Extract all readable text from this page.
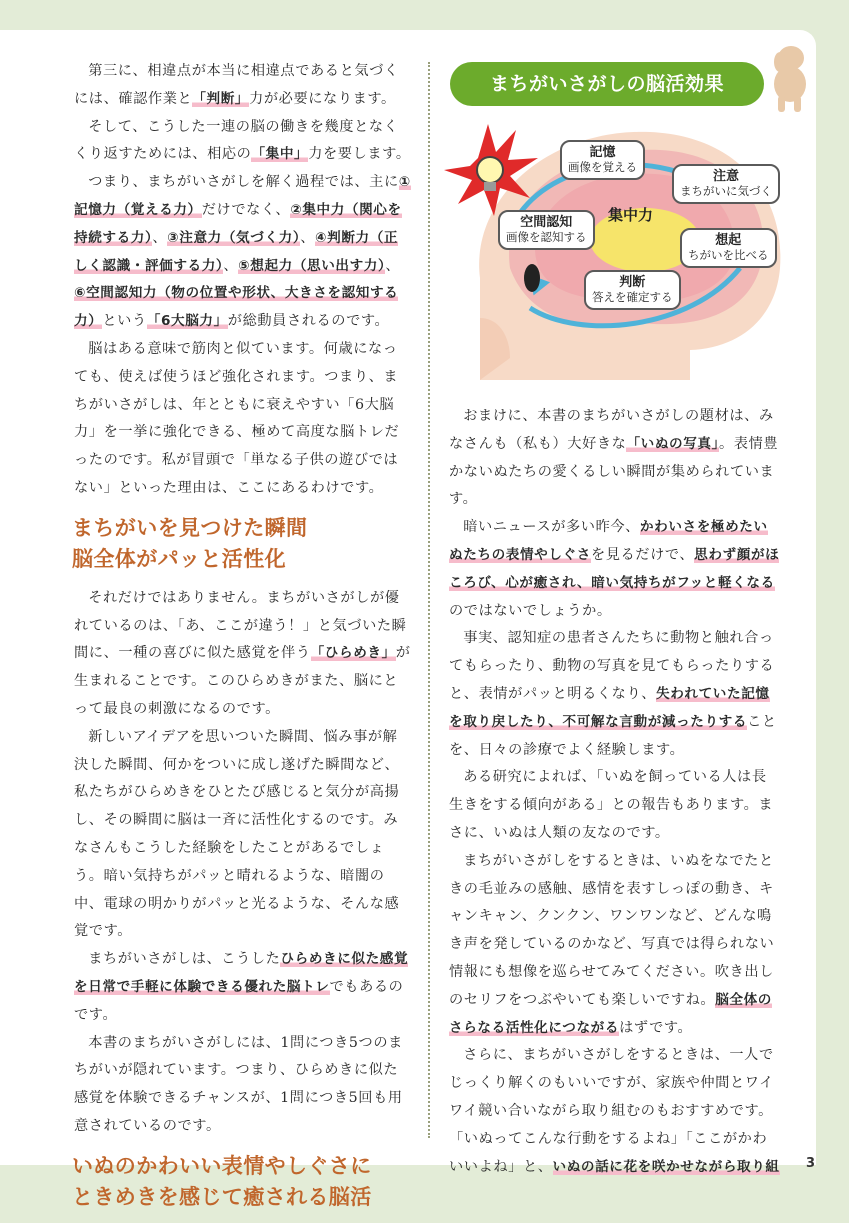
第三に、相違点が本当に相違点であると気づくには、確認作業と「判断」力が必要になります。

そして、こうした一連の脳の働きを幾度となくくり返すためには、相応の「集中」力を要します。

つまり、まちがいさがしを解く過程では、主に①記憶力（覚える力）だけでなく、②集中力（関心を持続する力）、③注意力（気づく力）、④判断力（正しく認識・評価する力）、⑤想起力（思い出す力）、⑥空間認知力（物の位置や形状、大きさを認知する力）という「6大脳力」が総動員されるのです。

脳はある意味で筋肉と似ています。何歳になっても、使えば使うほど強化されます。つまり、まちがいさがしは、年とともに衰えやすい「6大脳力」を一挙に強化できる、極めて高度な脳トレだったのです。私が冒頭で「単なる子供の遊びではない」といった理由は、ここにあるわけです。

まちがいを見つけた瞬間
脳全体がパッと活性化

それだけではありません。まちがいさがしが優れているのは、「あ、ここが違う！」と気づいた瞬間に、一種の喜びに似た感覚を伴う「ひらめき」が生まれることです。このひらめきがまた、脳にとって最良の刺激になるのです。

新しいアイデアを思いついた瞬間、悩み事が解決した瞬間、何かをついに成し遂げた瞬間など、私たちがひらめきをひとたび感じると気分が高揚し、その瞬間に脳は一斉に活性化するのです。みなさんもこうした経験をしたことがあるでしょう。暗い気持ちがパッと晴れるような、暗闇の中、電球の明かりがパッと光るような、そんな感覚です。

まちがいさがしは、こうしたひらめきに似た感覚を日常で手軽に体験できる優れた脳トレでもあるのです。

本書のまちがいさがしには、1問につき5つのまちがいが隠れています。つまり、ひらめきに似た感覚を体験できるチャンスが、1問につき5回も用意されているのです。

いぬのかわいい表情やしぐさに
ときめきを感じて癒される脳活
まちがいさがしの脳活効果
記憶
画像を覚える
注意
まちがいに気づく
空間認知
画像を認知する	想起
ちがいを比べる
判断
答えを確定する
集中力

おまけに、本書のまちがいさがしの題材は、みなさんも（私も）大好きな「いぬの写真」。表情豊かないぬたちの愛くるしい瞬間が集められています。

暗いニュースが多い昨今、かわいさを極めたいぬたちの表情やしぐさを見るだけで、思わず顔がほころび、心が癒され、暗い気持ちがフッと軽くなるのではないでしょうか。

事実、認知症の患者さんたちに動物と触れ合ってもらったり、動物の写真を見てもらったりすると、表情がパッと明るくなり、失われていた記憶を取り戻したり、不可解な言動が減ったりすることを、日々の診療でよく経験します。

ある研究によれば、「いぬを飼っている人は長生きをする傾向がある」との報告もあります。まさに、いぬは人類の友なのです。

まちがいさがしをするときは、いぬをなでたときの毛並みの感触、感情を表すしっぽの動き、キャンキャン、クンクン、ワンワンなど、どんな鳴き声を発しているのかなど、写真では得られない情報にも想像を巡らせてみてください。吹き出しのセリフをつぶやいても楽しいですね。脳全体のさらなる活性化につながるはずです。

さらに、まちがいさがしをするときは、一人でじっくり解くのもいいですが、家族や仲間とワイワイ競い合いながら取り組むのもおすすめです。「いぬってこんな行動をするよね」「ここがかわいいよね」と、いぬの話に花を咲かせながら取り組 3
